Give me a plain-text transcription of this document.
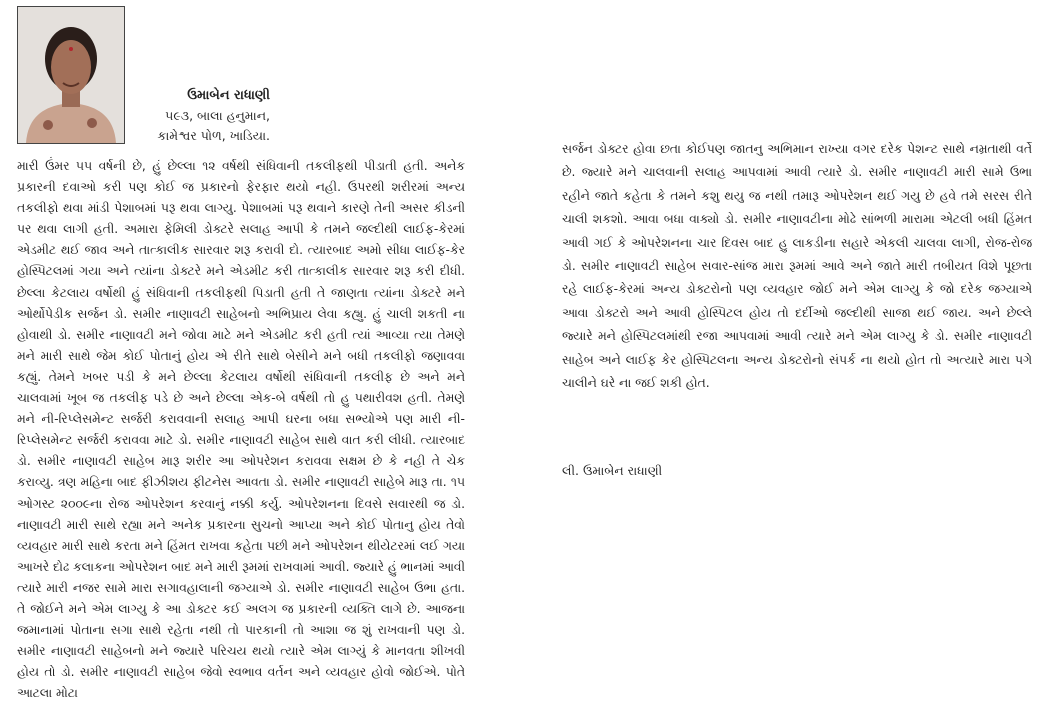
ઉમાબેન રાધાણી
૫૯૩, બાલા હનુમાન,
કામેશ્વર પોળ, ખાડિયા.

મારી ઉંમર ૫૫ વર્ષની છે, હું છેલ્લા ૧૨ વર્ષથી સંધિવાની તકલીફથી પીડાતી હતી. અનેક પ્રકારની દવાઓ કરી પણ કોઈ જ પ્રકારનો ફેરફાર થયો નહી. ઉપરથી શરીરમાં અન્ય તકલીફો થવા માંડી પેશાબમાં પરૂ થવા લાગ્યુ. પેશાબમાં પરૂ થવાને કારણે તેની અસર કીડની પર થવા લાગી હતી. અમારા ફેમિલી ડોક્ટરે સલાહ આપી કે તમને જલ્દીથી લાઈફ-કેરમાં એડમીટ થઈ જાવ અને તાત્કાલીક સારવાર શરૂ કરાવી દો. ત્યારબાદ અમો સીધા લાઈફ-કેર હોસ્પિટલમાં ગયા અને ત્યાંના ડોક્ટરે મને એડમીટ કરી તાત્કાલીક સારવાર શરૂ કરી દીધી. છેલ્લા કેટલાય વર્ષોથી હું સંધિવાની તકલીફથી પિડાતી હતી તે જાણતા ત્યાંના ડોક્ટરે મને ઓર્થોપેડીક સર્જન ડો. સમીર નાણાવટી સાહેબનો અભિપ્રાય લેવા કહ્યુ. હું ચાલી શકતી ના હોવાથી ડો. સમીર નાણાવટી મને જોવા માટે મને એડમીટ કરી હતી ત્યાં આવ્યા ત્યા તેમણે મને મારી સાથે જેમ કોઈ પોતાનું હોય એ રીતે સાથે બેસીને મને બધી તકલીફો જણાવવા કહ્યું. તેમને ખબર પડી કે મને છેલ્લા કેટલાય વર્ષોથી સંધિવાની તકલીફ છે અને મને ચાલવામાં ખૂબ જ તકલીફ પડે છે અને છેલ્લા એક-બે વર્ષથી તો હુ પથારીવશ હતી. તેમણે મને ની-રિપ્લેસમેન્ટ સર્જરી કરાવવાની સલાહ આપી ઘરના બધા સભ્યોએ પણ મારી ની-રિપ્લેસમેન્ટ સર્જરી કરાવવા માટે ડો. સમીર નાણાવટી સાહેબ સાથે વાત કરી લીધી. ત્યારબાદ ડો. સમીર નાણાવટી સાહેબ મારૂ શરીર આ ઓપરેશન કરાવવા સક્ષમ છે કે નહી તે ચેક કરાવ્યુ. ત્રણ મહિના બાદ ફીઝીશય ફીટનેસ આવતા ડો. સમીર નાણાવટી સાહેબે મારૂ તા. ૧૫ ઓગસ્ટ ૨૦૦૯ના રોજ ઓપરેશન કરવાનું નક્કી કર્યુ. ઓપરેશનના દિવસે સવારથી જ ડો. નાણાવટી મારી સાથે રહ્યા મને અનેક પ્રકારના સુચનો આપ્યા અને કોઈ પોતાનુ હોય તેવો વ્યવહાર મારી સાથે કરતા મને હિંમત રાખવા કહેતા પછી મને ઓપરેશન થીયેટરમાં લઈ ગયા આખરે દોઢ કલાકના ઓપરેશન બાદ મને મારી રૂમમાં રાખવામાં આવી. જ્યારે હું ભાનમાં આવી ત્યારે મારી નજર સામે મારા સગાવહાલાની જગ્યાએ ડો. સમીર નાણાવટી સાહેબ ઉભા હતા. તે જોઈને મને એમ લાગ્યુ કે આ ડોક્ટર કઈ અલગ જ પ્રકારની વ્યક્તિ લાગે છે. આજના જમાનામાં પોતાના સગા સાથે રહેતા નથી તો પારકાની તો આશા જ શું રાખવાની પણ ડો. સમીર નાણાવટી સાહેબનો મને જ્યારે પરિચય થયો ત્યારે એમ લાગ્યું કે માનવતા શીખવી હોય તો ડો. સમીર નાણાવટી સાહેબ જેવો સ્વભાવ વર્તન અને વ્યવહાર હોવો જોઈએ. પોતે આટલા મોટા

સર્જન ડોક્ટર હોવા છતા કોઈપણ જાતનુ અભિમાન રાખ્યા વગર દરેક પેશન્ટ સાથે નમ્રતાથી વર્તે છે. જ્યારે મને ચાલવાની સલાહ આપવામાં આવી ત્યારે ડો. સમીર નાણાવટી મારી સામે ઉભા રહીને જાતે કહેતા કે તમને કશુ થયુ જ નથી તમારૂ ઓપરેશન થઈ ગયુ છે હવે તમે સરસ રીતે ચાલી શકશો. આવા બધા વાક્યો ડો. સમીર નાણાવટીના મોઢે સાંભળી મારામા એટલી બધી હિંમત આવી ગઈ કે ઓપરેશનના ચાર દિવસ બાદ હુ લાકડીના સહારે એકલી ચાલવા લાગી, રોજ-રોજ ડો. સમીર નાણાવટી સાહેબ સવાર-સાંજ મારા રૂમમાં આવે અને જાતે મારી તબીયત વિશે પૂછતા રહે લાઈફ-કેરમાં અન્ય ડોક્ટરોનો પણ વ્યવહાર જોઈ મને એમ લાગ્યુ કે જો દરેક જગ્યાએ આવા ડોક્ટરો અને આવી હોસ્પિટલ હોય તો દર્દીઓ જલ્દીથી સાજા થઈ જાય. અને છેલ્લે જ્યારે મને હોસ્પિટલમાંથી રજા આપવામાં આવી ત્યારે મને એમ લાગ્યુ કે ડો. સમીર નાણાવટી સાહેબ અને લાઈફ કેર હોસ્પિટલના અન્ય ડોક્ટરોનો સંપર્ક ના થયો હોત તો અત્યારે મારા પગે ચાલીને ઘરે ના જઈ શકી હોત.

લી. ઉમાબેન રાધાણી
